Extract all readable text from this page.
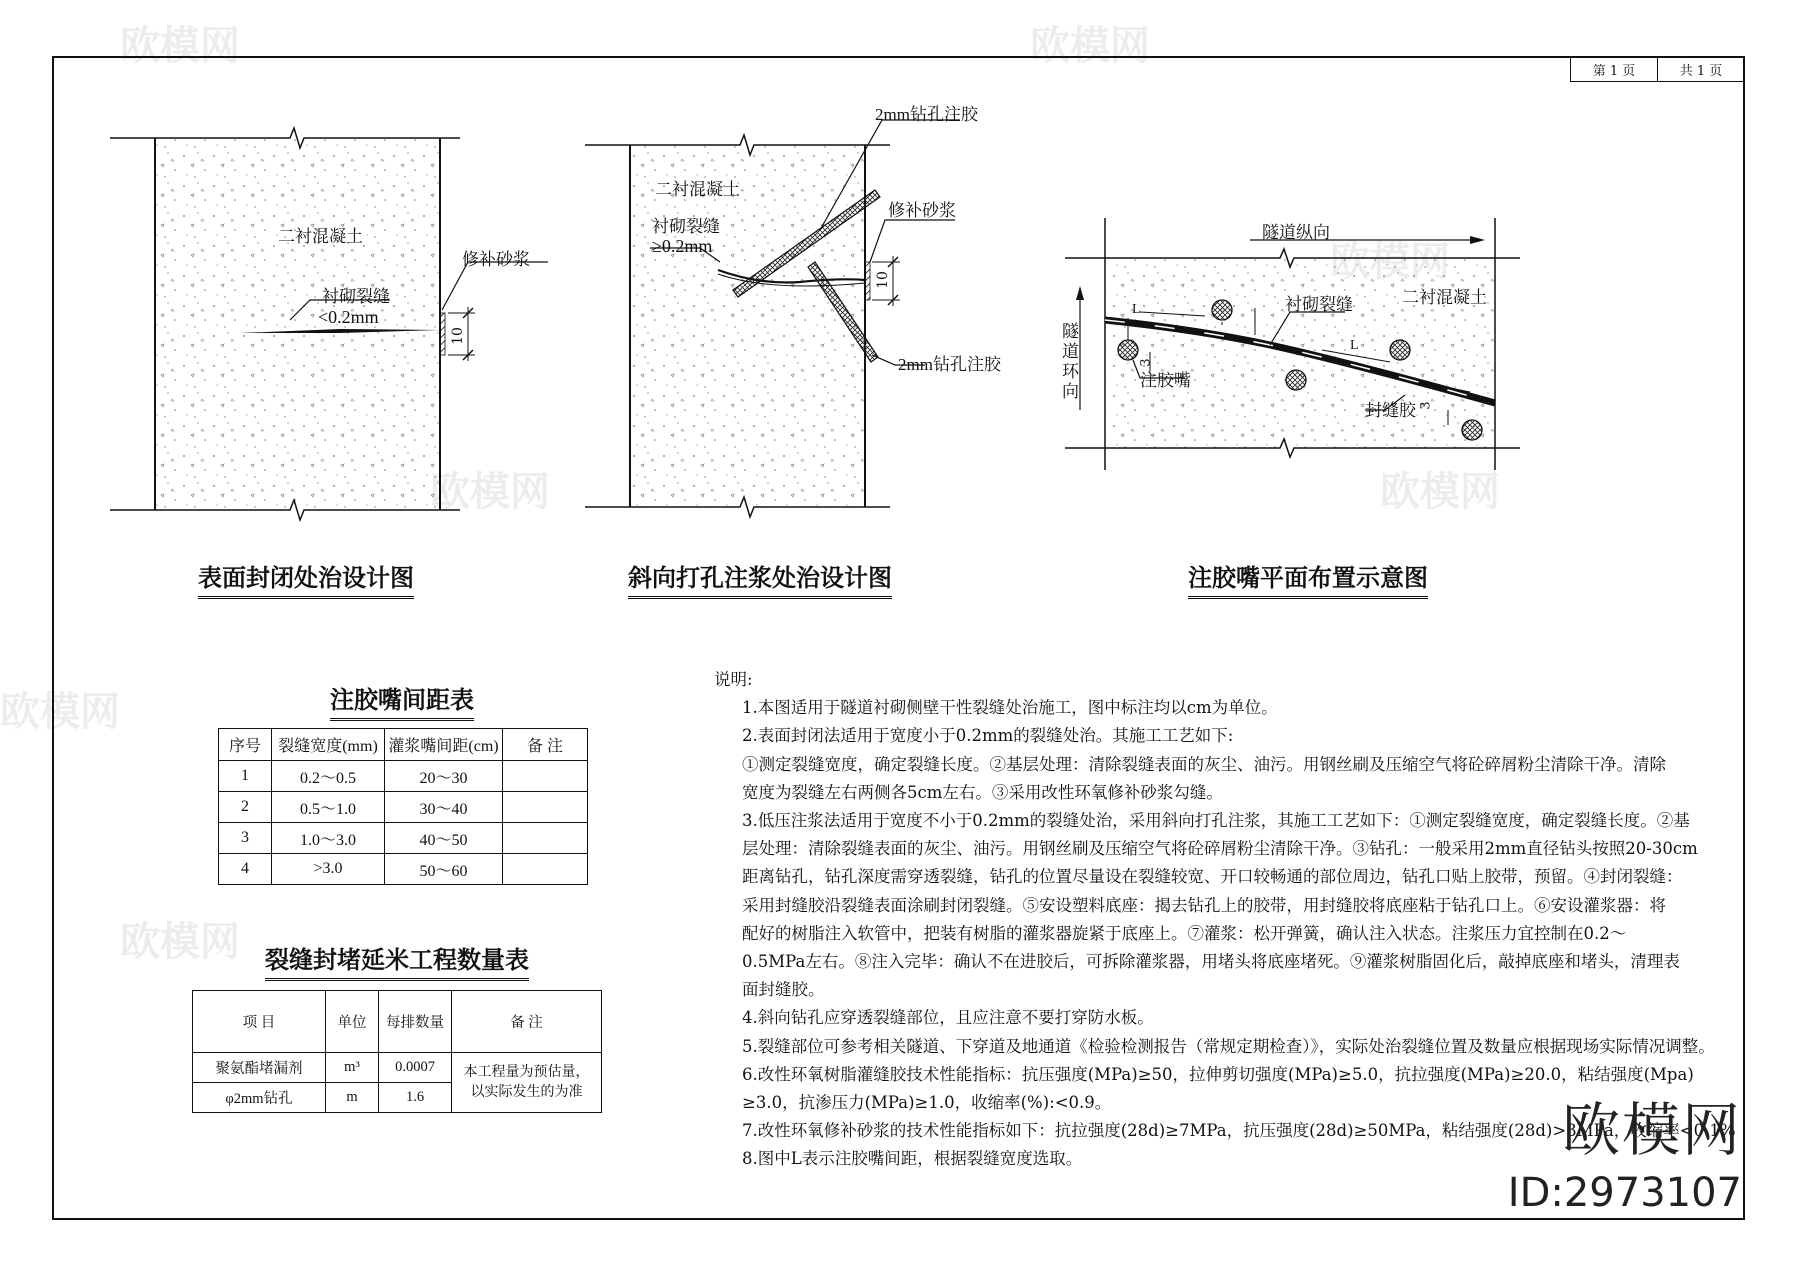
欧模网	欧模网
欧模网	欧模网
欧模网
欧模网
第 1 页	共 1 页
二衬混凝土
修补砂浆
衬砌裂缝
<0.2mm
10
表面封闭处治设计图
2mm钻孔注胶
二衬混凝土
修补砂浆
衬砌裂缝
≥0.2mm
10
2mm钻孔注胶
斜向打孔注浆处治设计图
隧道纵向
二衬混凝土
衬砌裂缝
隧道环向
注胶嘴
封缝胶
L
L
3
3
注胶嘴平面布置示意图
注胶嘴间距表
序号	裂缝宽度(mm)	灌浆嘴间距(cm)	备 注
1	0.2～0.5	20～30	
2	0.5～1.0	30～40	
3	1.0～3.0	40～50	
4	>3.0	50～60	
裂缝封堵延米工程数量表
项 目	单位	每排数量	备 注
聚氨酯堵漏剂	m³	0.0007	本工程量为预估量，以实际发生的为准
φ2mm钻孔	m	1.6	
说明:
1.本图适用于隧道衬砌侧壁干性裂缝处治施工，图中标注均以cm为单位。
2.表面封闭法适用于宽度小于0.2mm的裂缝处治。其施工工艺如下:
①测定裂缝宽度，确定裂缝长度。②基层处理：清除裂缝表面的灰尘、油污。用钢丝刷及压缩空气将砼碎屑粉尘清除干净。清除
宽度为裂缝左右两侧各5cm左右。③采用改性环氧修补砂浆勾缝。
3.低压注浆法适用于宽度不小于0.2mm的裂缝处治，采用斜向打孔注浆，其施工工艺如下：①测定裂缝宽度，确定裂缝长度。②基
层处理：清除裂缝表面的灰尘、油污。用钢丝刷及压缩空气将砼碎屑粉尘清除干净。③钻孔：一般采用2mm直径钻头按照20-30cm
距离钻孔，钻孔深度需穿透裂缝，钻孔的位置尽量设在裂缝较宽、开口较畅通的部位周边，钻孔口贴上胶带，预留。④封闭裂缝：
采用封缝胶沿裂缝表面涂刷封闭裂缝。⑤安设塑料底座：揭去钻孔上的胶带，用封缝胶将底座粘于钻孔口上。⑥安设灌浆器：将
配好的树脂注入软管中，把装有树脂的灌浆器旋紧于底座上。⑦灌浆：松开弹簧，确认注入状态。注浆压力宜控制在0.2～
0.5MPa左右。⑧注入完毕：确认不在进胶后，可拆除灌浆器，用堵头将底座堵死。⑨灌浆树脂固化后，敲掉底座和堵头，清理表
面封缝胶。
4.斜向钻孔应穿透裂缝部位，且应注意不要打穿防水板。
5.裂缝部位可参考相关隧道、下穿道及地通道《检验检测报告（常规定期检查）》，实际处治裂缝位置及数量应根据现场实际情况调整。
6.改性环氧树脂灌缝胶技术性能指标：抗压强度(MPa)≥50，拉伸剪切强度(MPa)≥5.0，抗拉强度(MPa)≥20.0，粘结强度(Mpa)
≥3.0，抗渗压力(MPa)≥1.0，收缩率(%):<0.9。
7.改性环氧修补砂浆的技术性能指标如下：抗拉强度(28d)≥7MPa，抗压强度(28d)≥50MPa，粘结强度(28d)>3MPa，收缩率<0.1%
8.图中L表示注胶嘴间距，根据裂缝宽度选取。	欧模网
ID:2973107
